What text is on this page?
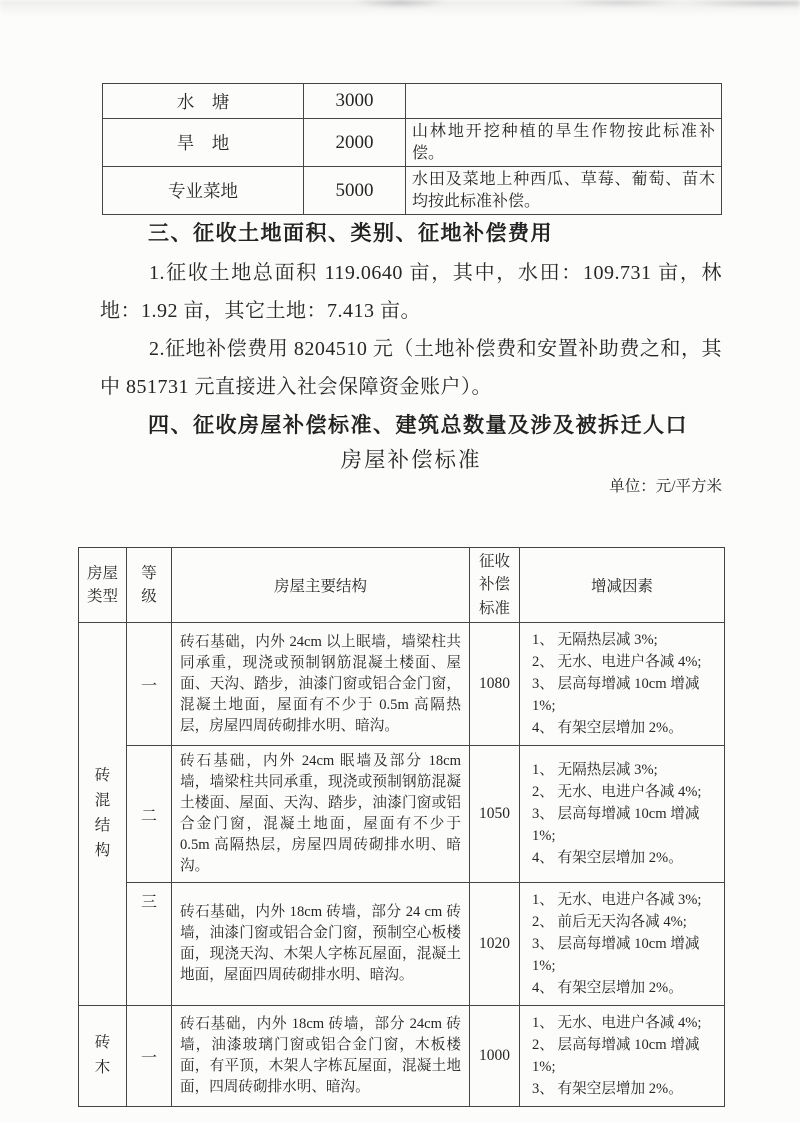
水　塘	3000	
旱　地	2000	山林地开挖种植的旱生作物按此标准补偿。
专业菜地	5000	水田及菜地上种西瓜、草莓、葡萄、苗木均按此标准补偿。
三、征收土地面积、类别、征地补偿费用

1.征收土地总面积 119.0640 亩，其中，水田：109.731 亩，林地：1.92 亩，其它土地：7.413 亩。

2.征地补偿费用 8204510 元（土地补偿费和安置补助费之和，其中 851731 元直接进入社会保障资金账户）。

四、征收房屋补偿标准、建筑总数量及涉及被拆迁人口
房屋补偿标准
单位：元/平方米
房屋类型	等级	房屋主要结构	征收补偿标准	增减因素

砖混结构	一	砖石基础，内外 24cm 以上眠墙，墙梁柱共同承重，现浇或预制钢筋混凝土楼面、屋面、天沟、踏步，油漆门窗或铝合金门窗，混凝土地面，屋面有不少于 0.5m 高隔热层，房屋四周砖砌排水明、暗沟。	1080	1、 无隔热层减 3%;
2、 无水、电进户各减 4%;
3、 层高每增减 10cm 增减 1%;
4、 有架空层增加 2%。

	二	砖石基础，内外 24cm 眠墙及部分 18cm 墙，墙梁柱共同承重，现浇或预制钢筋混凝土楼面、屋面、天沟、踏步，油漆门窗或铝合金门窗，混凝土地面，屋面有不少于 0.5m 高隔热层，房屋四周砖砌排水明、暗沟。	1050	1、 无隔热层减 3%;
2、 无水、电进户各减 4%;
3、 层高每增减 10cm 增减 1%;
4、 有架空层增加 2%。

	三	砖石基础，内外 18cm 砖墙，部分 24 cm 砖墙，油漆门窗或铝合金门窗，预制空心板楼面，现浇天沟、木架人字栋瓦屋面，混凝土地面，屋面四周砖砌排水明、暗沟。	1020	1、 无水、电进户各减 3%;
2、 前后无天沟各减 4%;
3、 层高每增减 10cm 增减 1%;
4、 有架空层增加 2%。

砖木	一	砖石基础，内外 18cm 砖墙，部分 24cm 砖墙，油漆玻璃门窗或铝合金门窗，木板楼面，有平顶，木架人字栋瓦屋面，混凝土地面，四周砖砌排水明、暗沟。	1000	1、 无水、电进户各减 4%;
2、 层高每增减 10cm 增减 1%;
3、 有架空层增加 2%。
